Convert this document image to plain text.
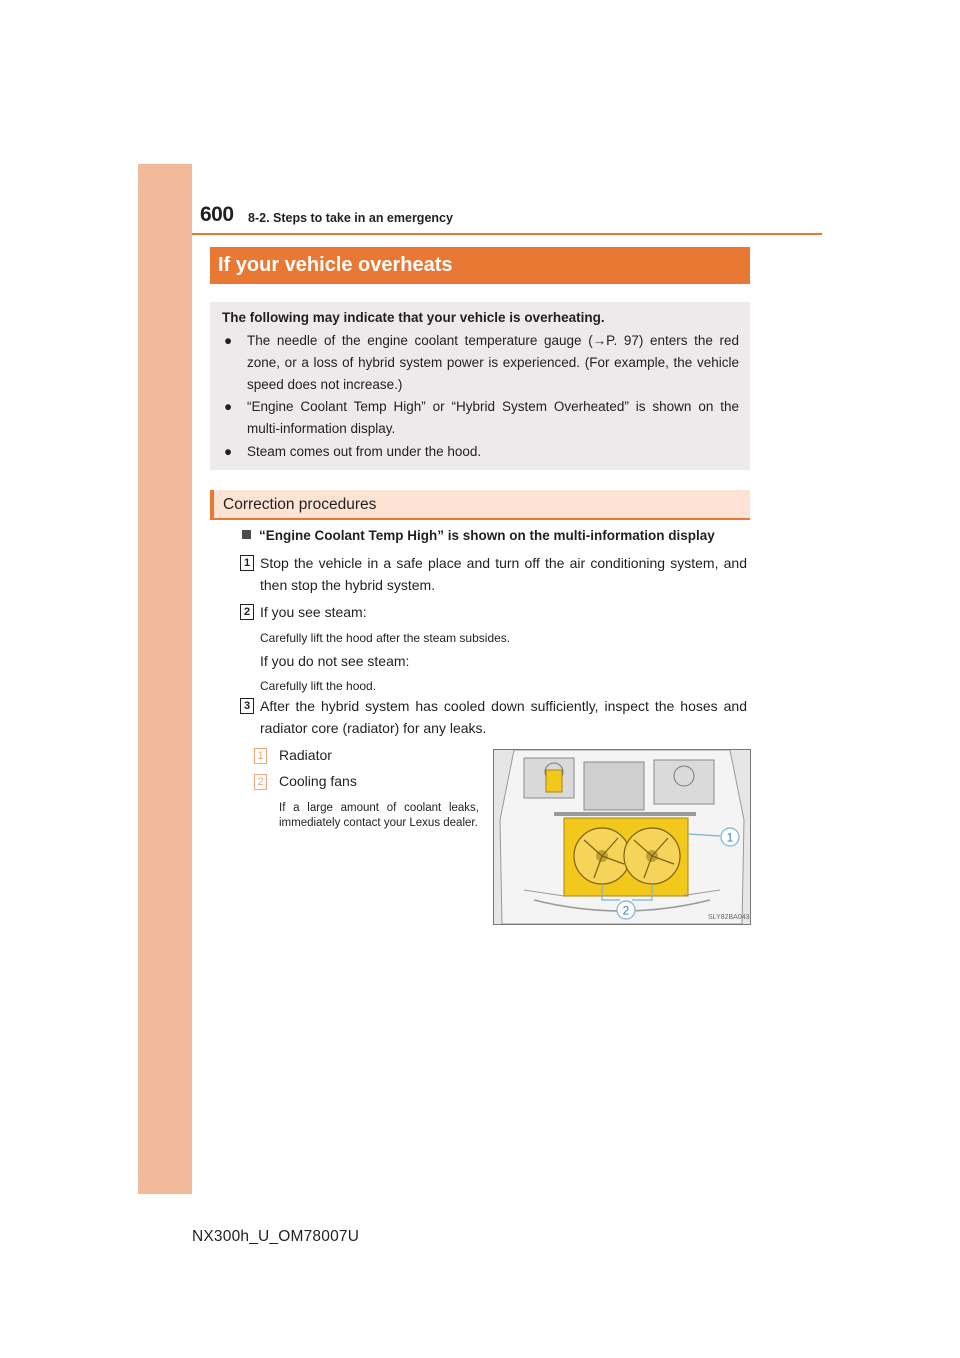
600 8-2. Steps to take in an emergency
If your vehicle overheats
The following may indicate that your vehicle is overheating.
● The needle of the engine coolant temperature gauge (→P. 97) enters the red zone, or a loss of hybrid system power is experienced. (For example, the vehicle speed does not increase.)
● “Engine Coolant Temp High” or “Hybrid System Overheated” is shown on the multi-information display.
● Steam comes out from under the hood.
Correction procedures
“Engine Coolant Temp High” is shown on the multi-information display
1 Stop the vehicle in a safe place and turn off the air conditioning system, and then stop the hybrid system.
2 If you see steam:
Carefully lift the hood after the steam subsides.
If you do not see steam:
Carefully lift the hood.
3 After the hybrid system has cooled down sufficiently, inspect the hoses and radiator core (radiator) for any leaks.
1 Radiator
2 Cooling fans
If a large amount of coolant leaks, immediately contact your Lexus dealer.
1
2	SLY82BA043
NX300h_U_OM78007U
